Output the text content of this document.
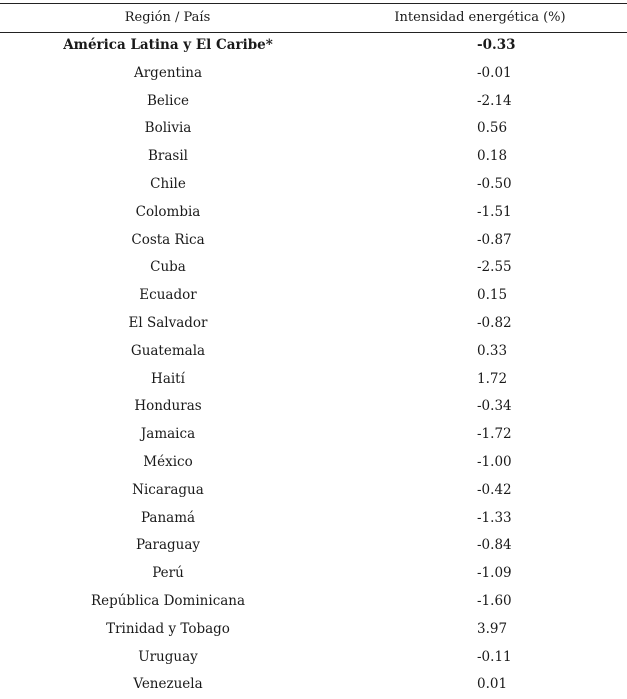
Región / País	Intensidad energética (%)
América Latina y El Caribe*	-0.33
Argentina	-0.01
Belice	-2.14
Bolivia	0.56
Brasil	0.18
Chile	-0.50
Colombia	-1.51
Costa Rica	-0.87
Cuba	-2.55
Ecuador	0.15
El Salvador	-0.82
Guatemala	0.33
Haití	1.72
Honduras	-0.34
Jamaica	-1.72
México	-1.00
Nicaragua	-0.42
Panamá	-1.33
Paraguay	-0.84
Perú	-1.09
República Dominicana	-1.60
Trinidad y Tobago	3.97
Uruguay	-0.11
Venezuela	0.01
